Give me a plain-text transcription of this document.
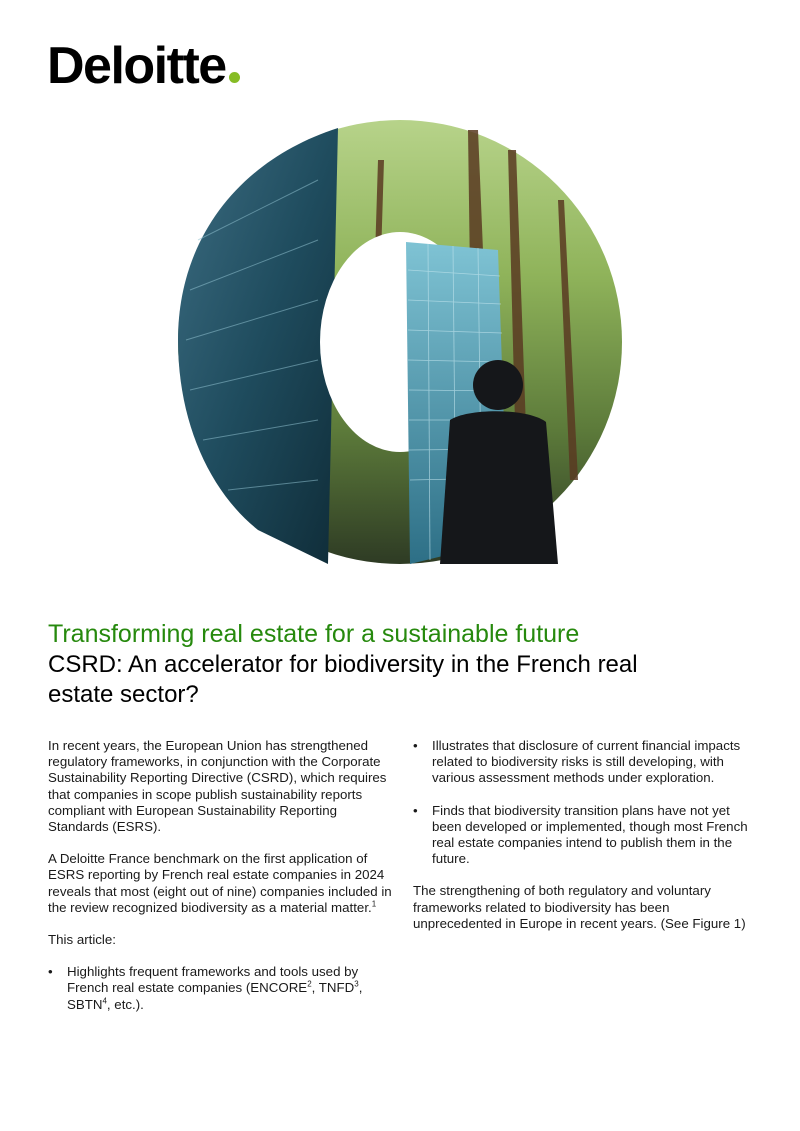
Deloitte
Transforming real estate for a sustainable future
CSRD: An accelerator for biodiversity in the French real estate sector?

In recent years, the European Union has strengthened regulatory frameworks, in conjunction with the Corporate Sustainability Reporting Directive (CSRD), which requires that companies in scope publish sustainability reports compliant with European Sustainability Reporting Standards (ESRS).

A Deloitte France benchmark on the first application of ESRS reporting by French real estate companies in 2024 reveals that most (eight out of nine) companies included in the review recognized biodiversity as a material matter.$^1$

This article:

• Highlights frequent frameworks and tools used by French real estate companies (ENCORE$^2$, TNFD$^3$, SBTN$^4$, etc.).
• Illustrates that disclosure of current financial impacts related to biodiversity risks is still developing, with various assessment methods under exploration.
• Finds that biodiversity transition plans have not yet been developed or implemented, though most French real estate companies intend to publish them in the future.

The strengthening of both regulatory and voluntary frameworks related to biodiversity has been unprecedented in Europe in recent years. (See Figure 1)
